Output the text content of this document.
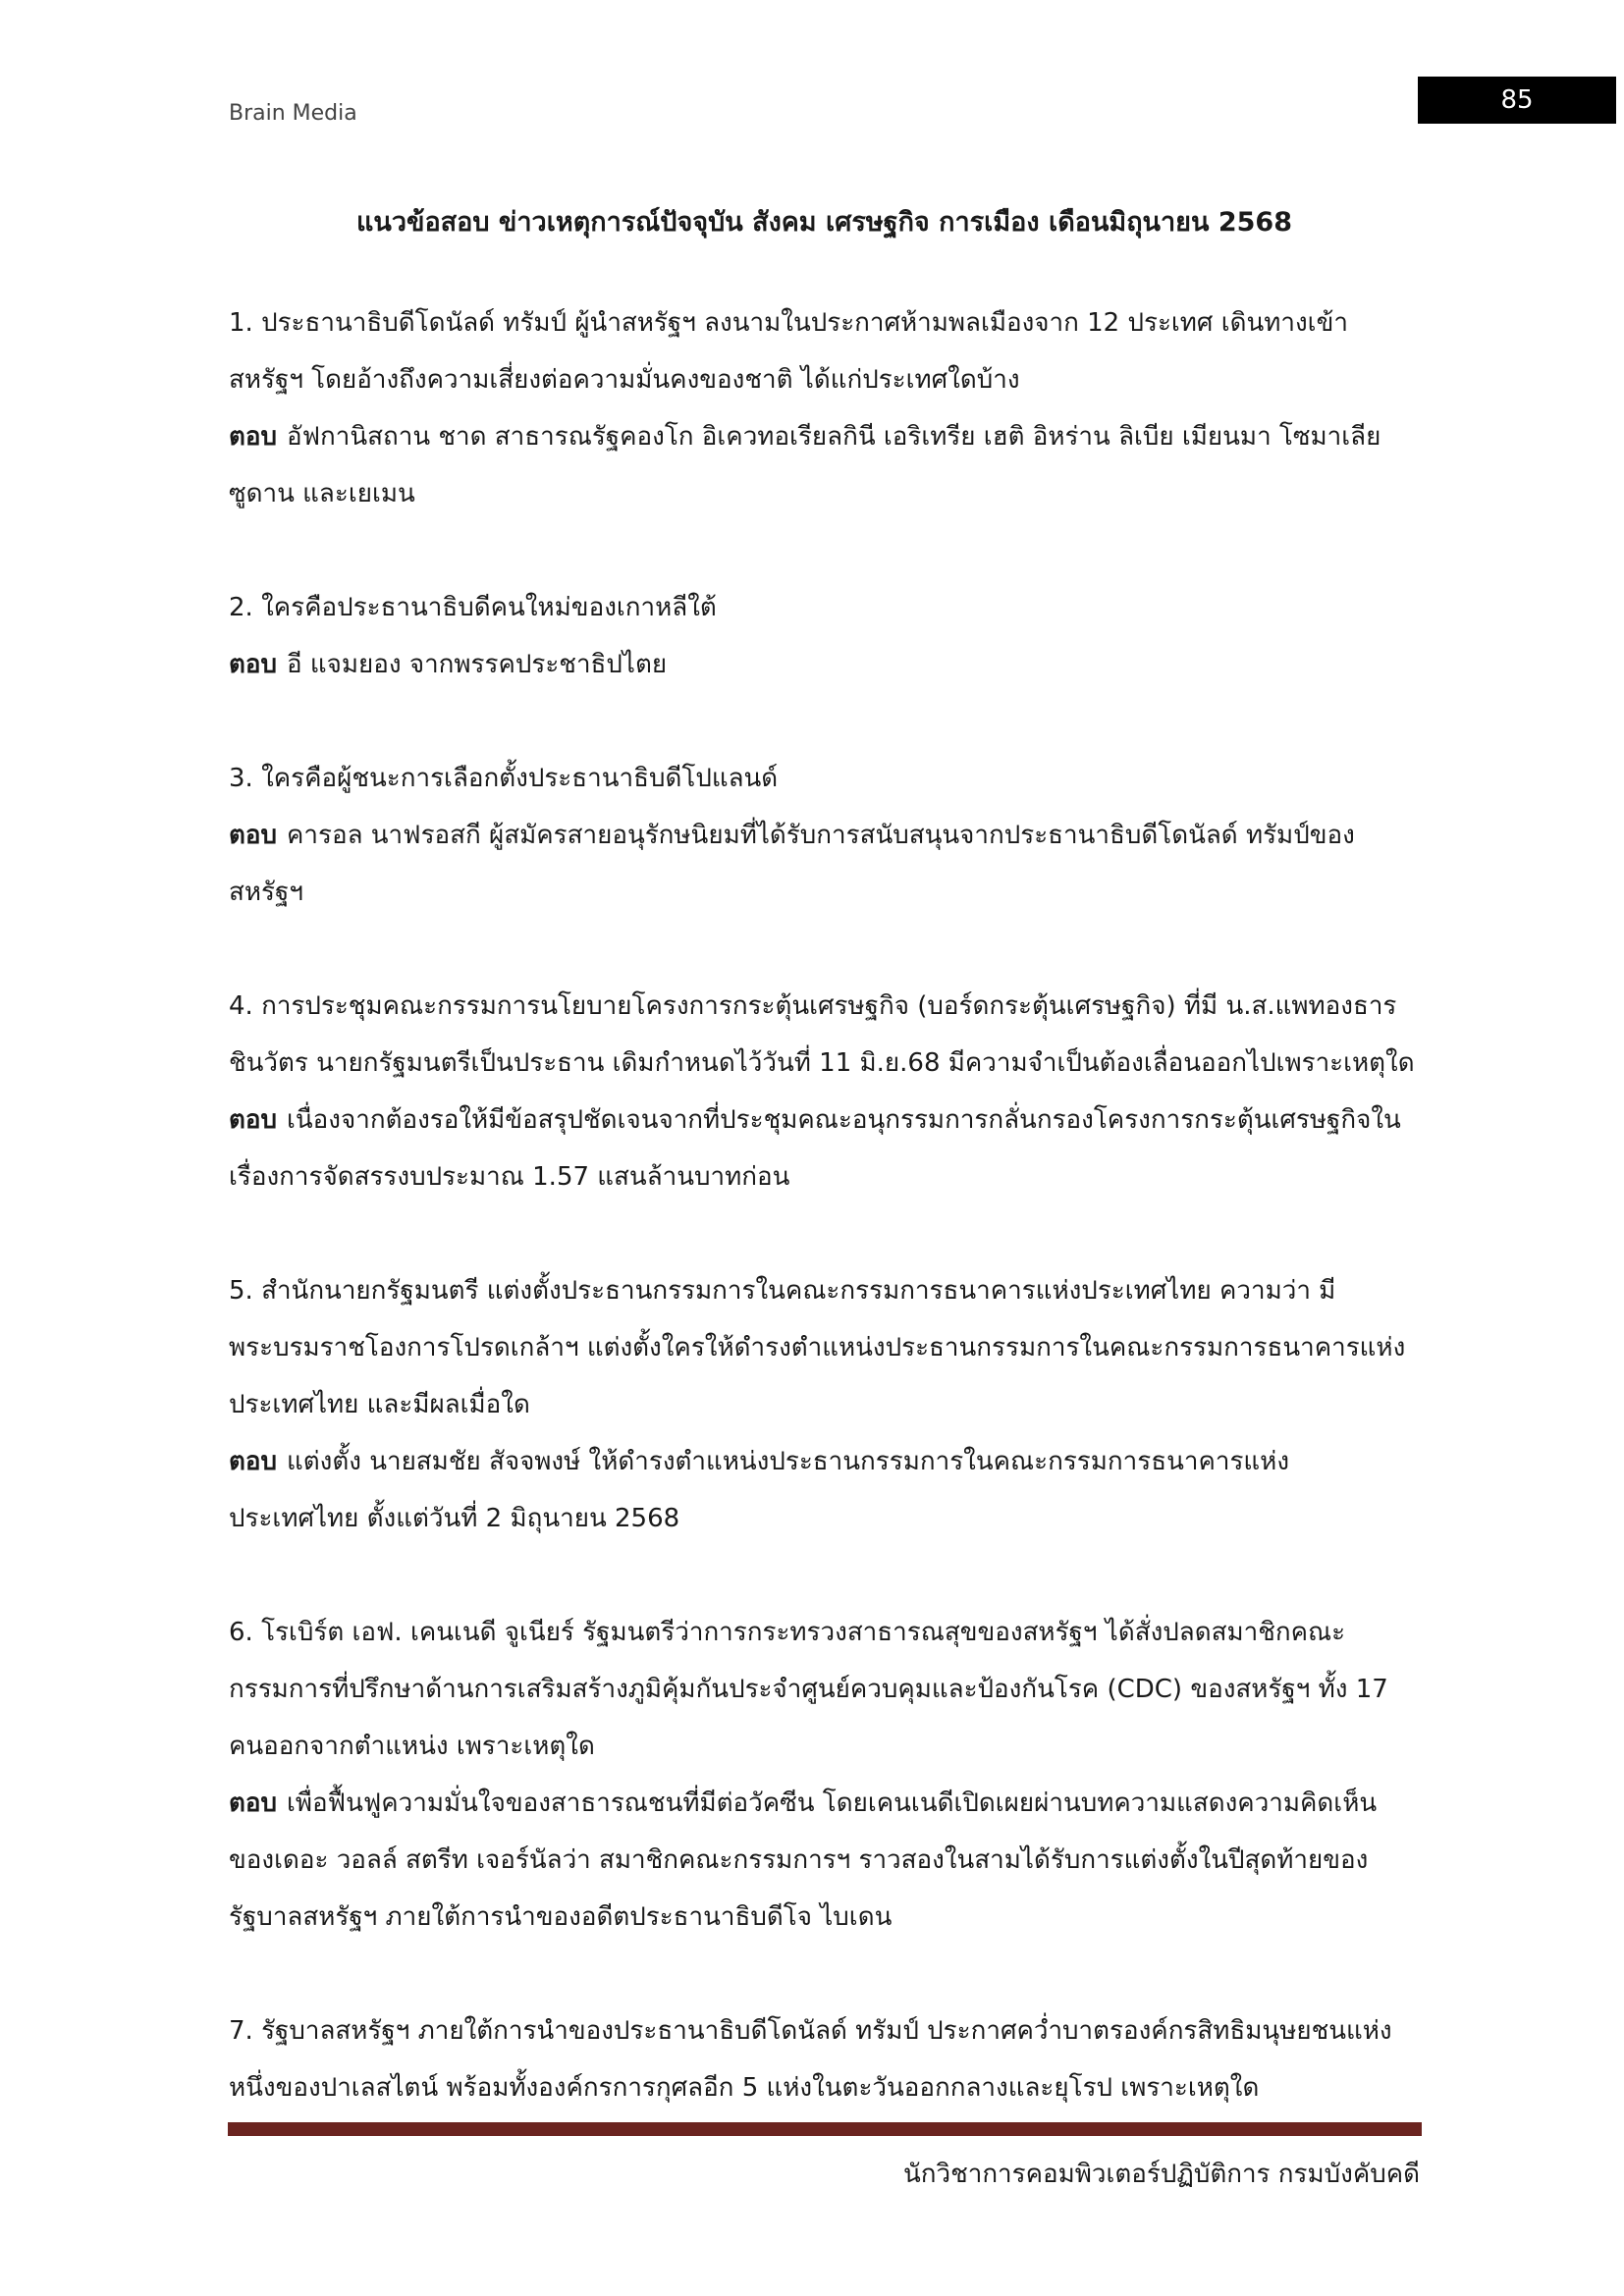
Brain Media	85
แนวข้อสอบ ข่าวเหตุการณ์ปัจจุบัน สังคม เศรษฐกิจ การเมือง เดือนมิถุนายน 2568

1. ประธานาธิบดีโดนัลด์ ทรัมป์ ผู้นำสหรัฐฯ ลงนามในประกาศห้ามพลเมืองจาก 12 ประเทศ เดินทางเข้าสหรัฐฯ โดยอ้างถึงความเสี่ยงต่อความมั่นคงของชาติ ได้แก่ประเทศใดบ้าง

ตอบ อัฟกานิสถาน ชาด สาธารณรัฐคองโก อิเควทอเรียลกินี เอริเทรีย เฮติ อิหร่าน ลิเบีย เมียนมา โซมาเลีย ซูดาน และเยเมน

2. ใครคือประธานาธิบดีคนใหม่ของเกาหลีใต้

ตอบ อี แจมยอง จากพรรคประชาธิปไตย

3. ใครคือผู้ชนะการเลือกตั้งประธานาธิบดีโปแลนด์

ตอบ คารอล นาฟรอสกี ผู้สมัครสายอนุรักษนิยมที่ได้รับการสนับสนุนจากประธานาธิบดีโดนัลด์ ทรัมป์ของสหรัฐฯ

4. การประชุมคณะกรรมการนโยบายโครงการกระตุ้นเศรษฐกิจ (บอร์ดกระตุ้นเศรษฐกิจ) ที่มี น.ส.แพทองธาร ชินวัตร นายกรัฐมนตรีเป็นประธาน เดิมกำหนดไว้วันที่ 11 มิ.ย.68 มีความจำเป็นต้องเลื่อนออกไปเพราะเหตุใด

ตอบ เนื่องจากต้องรอให้มีข้อสรุปชัดเจนจากที่ประชุมคณะอนุกรรมการกลั่นกรองโครงการกระตุ้นเศรษฐกิจในเรื่องการจัดสรรงบประมาณ 1.57 แสนล้านบาทก่อน

5. สำนักนายกรัฐมนตรี แต่งตั้งประธานกรรมการในคณะกรรมการธนาคารแห่งประเทศไทย ความว่า มีพระบรมราชโองการโปรดเกล้าฯ แต่งตั้งใครให้ดำรงตำแหน่งประธานกรรมการในคณะกรรมการธนาคารแห่งประเทศไทย และมีผลเมื่อใด

ตอบ แต่งตั้ง นายสมชัย สัจจพงษ์ ให้ดำรงตำแหน่งประธานกรรมการในคณะกรรมการธนาคารแห่งประเทศไทย ตั้งแต่วันที่ 2 มิถุนายน 2568

6. โรเบิร์ต เอฟ. เคนเนดี จูเนียร์ รัฐมนตรีว่าการกระทรวงสาธารณสุขของสหรัฐฯ ได้สั่งปลดสมาชิกคณะกรรมการที่ปรึกษาด้านการเสริมสร้างภูมิคุ้มกันประจำศูนย์ควบคุมและป้องกันโรค (CDC) ของสหรัฐฯ ทั้ง 17 คนออกจากตำแหน่ง เพราะเหตุใด

ตอบ เพื่อฟื้นฟูความมั่นใจของสาธารณชนที่มีต่อวัคซีน โดยเคนเนดีเปิดเผยผ่านบทความแสดงความคิดเห็นของเดอะ วอลล์ สตรีท เจอร์นัลว่า สมาชิกคณะกรรมการฯ ราวสองในสามได้รับการแต่งตั้งในปีสุดท้ายของรัฐบาลสหรัฐฯ ภายใต้การนำของอดีตประธานาธิบดีโจ ไบเดน

7. รัฐบาลสหรัฐฯ ภายใต้การนำของประธานาธิบดีโดนัลด์ ทรัมป์ ประกาศคว่ำบาตรองค์กรสิทธิมนุษยชนแห่งหนึ่งของปาเลสไตน์ พร้อมทั้งองค์กรการกุศลอีก 5 แห่งในตะวันออกกลางและยุโรป เพราะเหตุใด

นักวิชาการคอมพิวเตอร์ปฏิบัติการ กรมบังคับคดี
